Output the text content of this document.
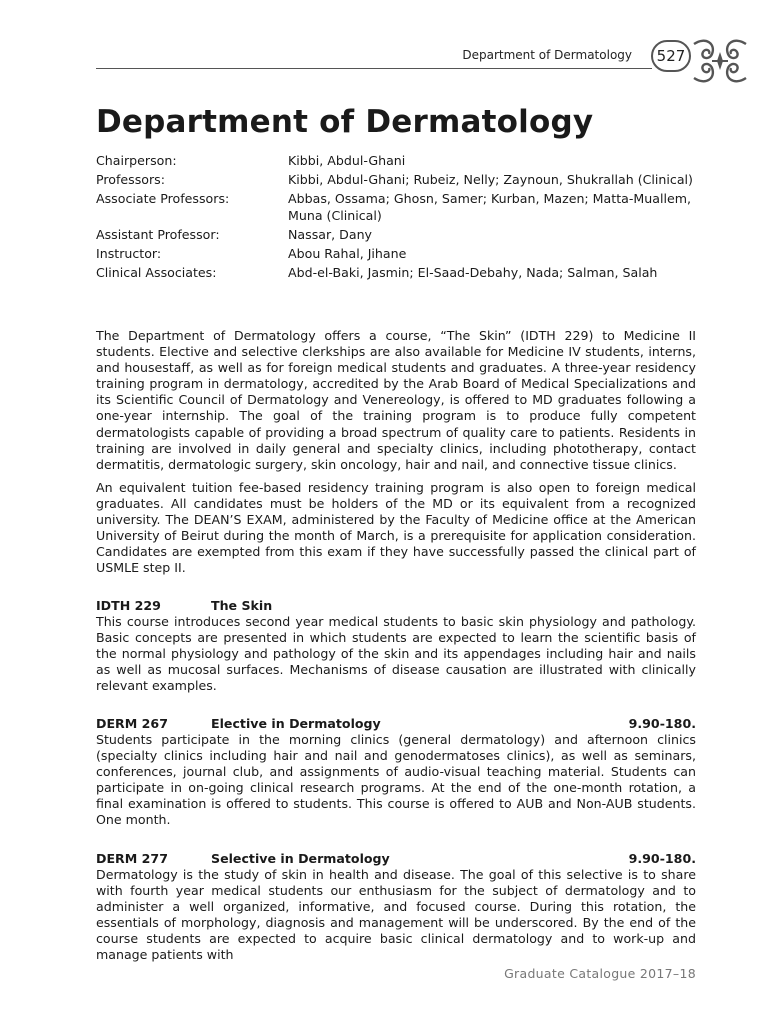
Department of Dermatology	527
Department of Dermatology
Chairperson:	Kibbi, Abdul-Ghani
Professors:	Kibbi, Abdul-Ghani; Rubeiz, Nelly; Zaynoun, Shukrallah (Clinical)
Associate Professors:	Abbas, Ossama; Ghosn, Samer; Kurban, Mazen; Matta-Muallem, Muna (Clinical)
Assistant Professor:	Nassar, Dany
Instructor:	Abou Rahal, Jihane
Clinical Associates:	Abd-el-Baki, Jasmin; El-Saad-Debahy, Nada; Salman, Salah

The Department of Dermatology offers a course, “The Skin” (IDTH 229) to Medicine II students. Elective and selective clerkships are also available for Medicine IV students, interns, and housestaff, as well as for foreign medical students and graduates. A three-year residency training program in dermatology, accredited by the Arab Board of Medical Specializations and its Scientific Council of Dermatology and Venereology, is offered to MD graduates following a one-year internship. The goal of the training program is to produce fully competent dermatologists capable of providing a broad spectrum of quality care to patients. Residents in training are involved in daily general and specialty clinics, including phototherapy, contact dermatitis, dermatologic surgery, skin oncology, hair and nail, and connective tissue clinics.

An equivalent tuition fee-based residency training program is also open to foreign medical graduates. All candidates must be holders of the MD or its equivalent from a recognized university. The DEAN’S EXAM, administered by the Faculty of Medicine office at the American University of Beirut during the month of March, is a prerequisite for application consideration. Candidates are exempted from this exam if they have successfully passed the clinical part of USMLE step II.

IDTH 229	The Skin

This course introduces second year medical students to basic skin physiology and pathology. Basic concepts are presented in which students are expected to learn the scientific basis of the normal physiology and pathology of the skin and its appendages including hair and nails as well as mucosal surfaces. Mechanisms of disease causation are illustrated with clinically relevant examples.

DERM 267	Elective in Dermatology	9.90-180.

Students participate in the morning clinics (general dermatology) and afternoon clinics (specialty clinics including hair and nail and genodermatoses clinics), as well as seminars, conferences, journal club, and assignments of audio-visual teaching material. Students can participate in on-going clinical research programs. At the end of the one-month rotation, a final examination is offered to students. This course is offered to AUB and Non-AUB students. One month.

DERM 277	Selective in Dermatology	9.90-180.

Dermatology is the study of skin in health and disease. The goal of this selective is to share with fourth year medical students our enthusiasm for the subject of dermatology and to administer a well organized, informative, and focused course. During this rotation, the essentials of morphology, diagnosis and management will be underscored. By the end of the course students are expected to acquire basic clinical dermatology and to work-up and manage patients with

Graduate Catalogue 2017–18
